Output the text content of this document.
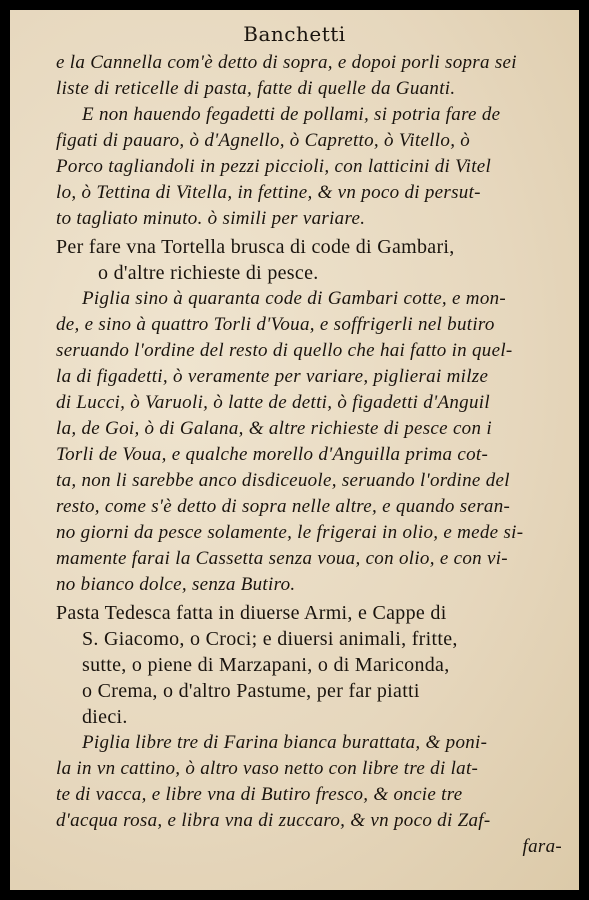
Banchetti
e la Cannella com'è detto di sopra, e dopoi porli sopra sei
liste di reticelle di pasta, fatte di quelle da Guanti.
E non hauendo fegadetti de pollami, si potria fare de
figati di pauaro, ò d'Agnello, ò Capretto, ò Vitello, ò
Porco tagliandoli in pezzi piccioli, con latticini di Vitel
lo, ò Tettina di Vitella, in fettine, & vn poco di persut-
to tagliato minuto. ò simili per variare.
Per fare vna Tortella brusca di code di Gambari,
o d'altre richieste di pesce.
Piglia sino à quaranta code di Gambari cotte, e mon-
de, e sino à quattro Torli d'Voua, e soffrigerli nel butiro
seruando l'ordine del resto di quello che hai fatto in quel-
la di figadetti, ò veramente per variare, piglierai milze
di Lucci, ò Varuoli, ò latte de detti, ò figadetti d'Anguil
la, de Goi, ò di Galana, & altre richieste di pesce con i
Torli de Voua, e qualche morello d'Anguilla prima cot-
ta, non li sarebbe anco disdiceuole, seruando l'ordine del
resto, come s'è detto di sopra nelle altre, e quando seran-
no giorni da pesce solamente, le frigerai in olio, e mede si-
mamente farai la Cassetta senza voua, con olio, e con vi-
no bianco dolce, senza Butiro.
Pasta Tedesca fatta in diuerse Armi, e Cappe di
S. Giacomo, o Croci; e diuersi animali, fritte,
sutte, o piene di Marzapani, o di Mariconda,
o Crema, o d'altro Pastume, per far piatti
dieci.
Piglia libre tre di Farina bianca burattata, & poni-
la in vn cattino, ò altro vaso netto con libre tre di lat-
te di vacca, e libre vna di Butiro fresco, & oncie tre
d'acqua rosa, e libra vna di zuccaro, & vn poco di Zaf-
fara-
